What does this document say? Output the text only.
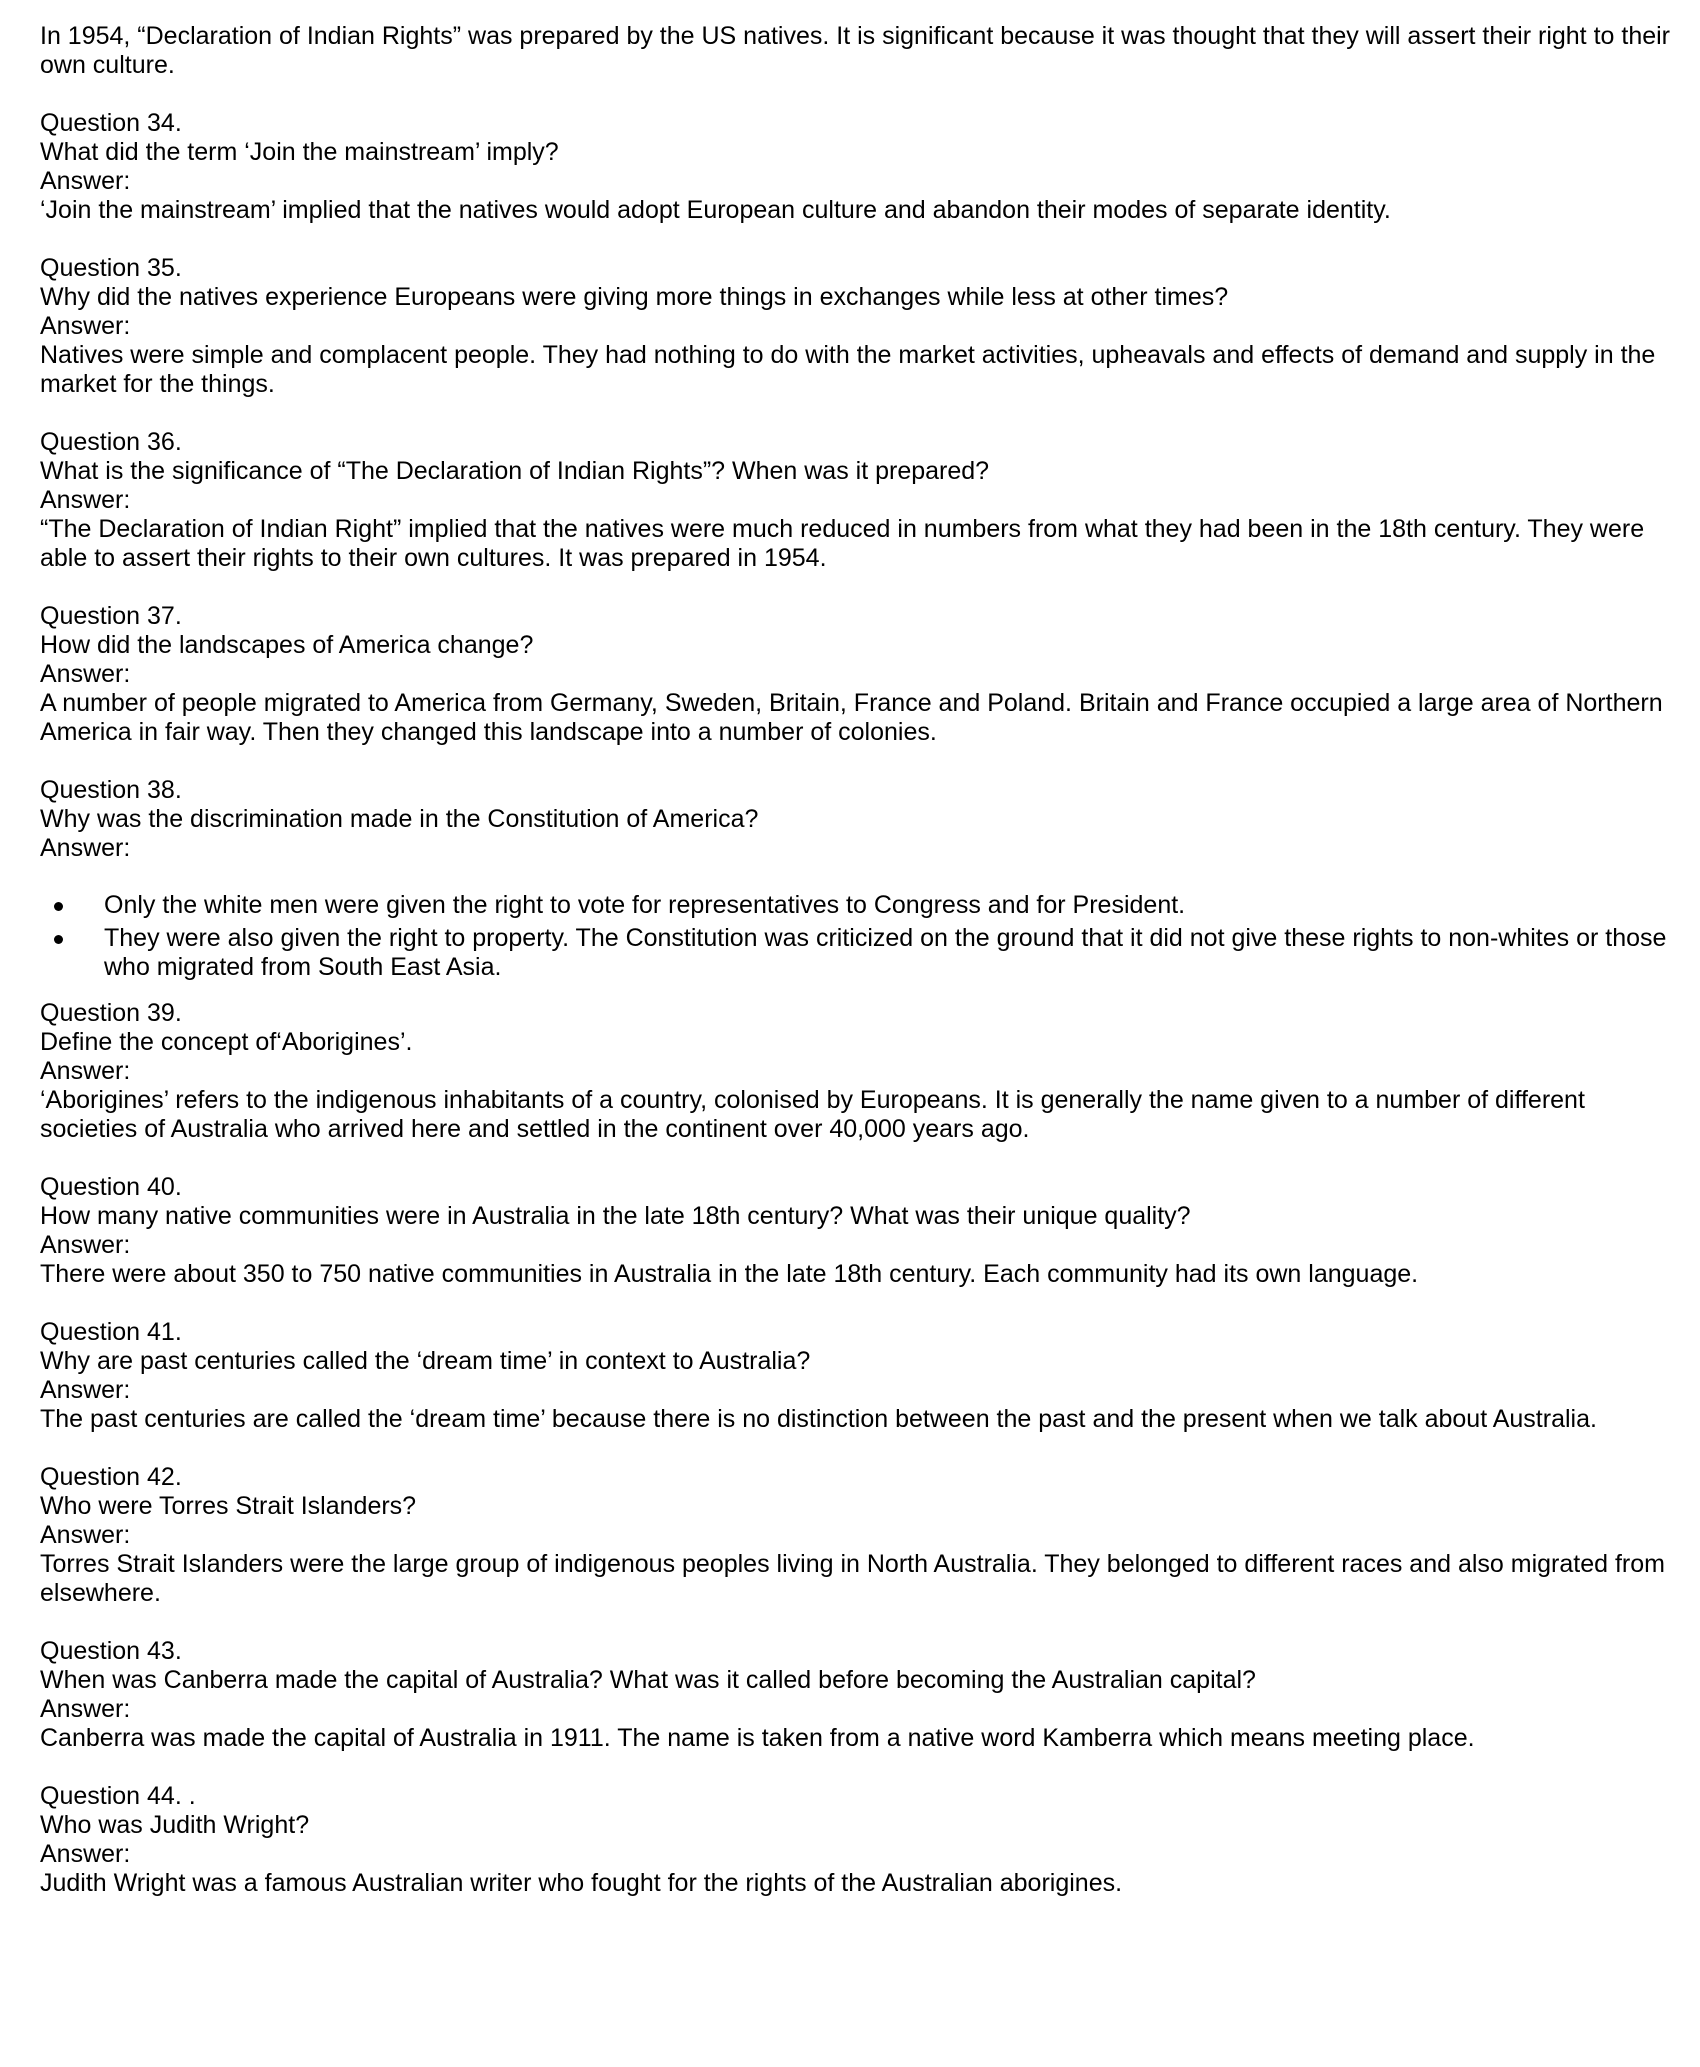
In 1954, “Declaration of Indian Rights” was prepared by the US natives. It is significant because it was thought that they will assert their right to their own culture.

Question 34.

What did the term ‘Join the mainstream’ imply?

Answer:

‘Join the mainstream’ implied that the natives would adopt European culture and abandon their modes of separate identity.

Question 35.

Why did the natives experience Europeans were giving more things in exchanges while less at other times?

Answer:

Natives were simple and complacent people. They had nothing to do with the market activities, upheavals and effects of demand and supply in the market for the things.

Question 36.

What is the significance of “The Declaration of Indian Rights”? When was it prepared?

Answer:

“The Declaration of Indian Right” implied that the natives were much reduced in numbers from what they had been in the 18th century. They were able to assert their rights to their own cultures. It was prepared in 1954.

Question 37.

How did the landscapes of America change?

Answer:

A number of people migrated to America from Germany, Sweden, Britain, France and Poland. Britain and France occupied a large area of Northern America in fair way. Then they changed this landscape into a number of colonies.

Question 38.

Why was the discrimination made in the Constitution of America?

Answer:

Only the white men were given the right to vote for representatives to Congress and for President.
They were also given the right to property. The Constitution was criticized on the ground that it did not give these rights to non-whites or those who migrated from South East Asia.

Question 39.

Define the concept of‘Aborigines’.

Answer:

‘Aborigines’ refers to the indigenous inhabitants of a country, colonised by Europeans. It is generally the name given to a number of different societies of Australia who arrived here and settled in the continent over 40,000 years ago.

Question 40.

How many native communities were in Australia in the late 18th century? What was their unique quality?

Answer:

There were about 350 to 750 native communities in Australia in the late 18th century. Each community had its own language.

Question 41.

Why are past centuries called the ‘dream time’ in context to Australia?

Answer:

The past centuries are called the ‘dream time’ because there is no distinction between the past and the present when we talk about Australia.

Question 42.

Who were Torres Strait Islanders?

Answer:

Torres Strait Islanders were the large group of indigenous peoples living in North Australia. They belonged to different races and also migrated from elsewhere.

Question 43.

When was Canberra made the capital of Australia? What was it called before becoming the Australian capital?

Answer:

Canberra was made the capital of Australia in 1911. The name is taken from a native word Kamberra which means meeting place.

Question 44. .

Who was Judith Wright?

Answer:

Judith Wright was a famous Australian writer who fought for the rights of the Australian aborigines.
